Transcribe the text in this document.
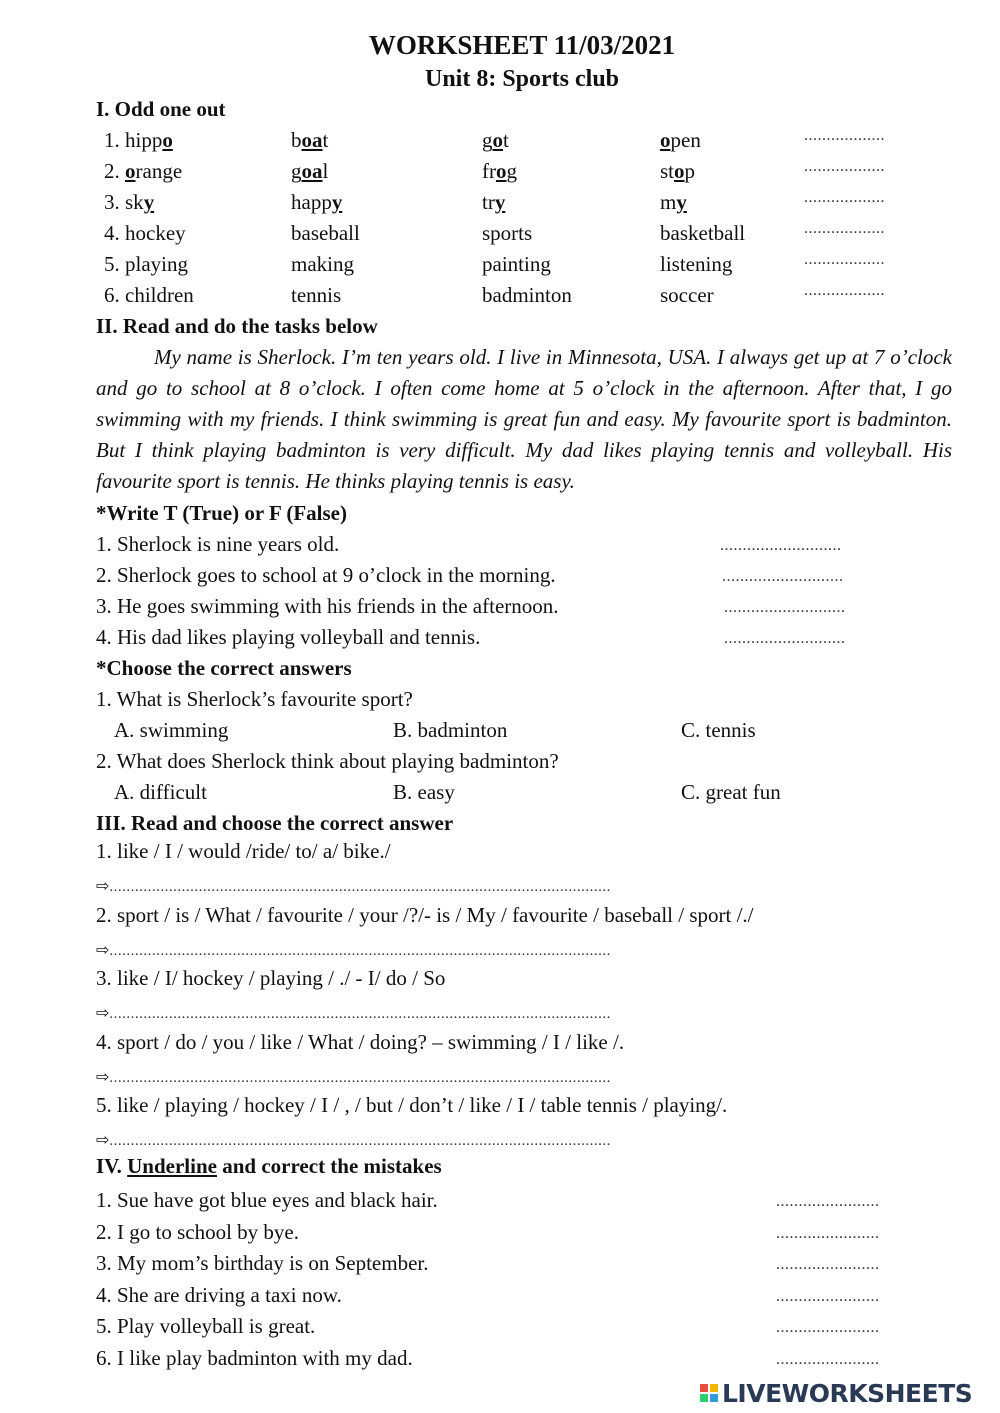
WORKSHEET 11/03/2021
Unit 8: Sports club
I. Odd one out
1. hippo	boat	got	open	..................
2. orange	goal	frog	stop	..................
3. sky	happy	try	my	..................
4. hockey	baseball	sports	basketball	..................
5. playing	making	painting	listening	..................
6. children	tennis	badminton	soccer	..................
II. Read and do the tasks below
My name is Sherlock. I’m ten years old. I live in Minnesota, USA. I always get up at 7 o’clock and go to school at 8 o’clock. I often come home at 5 o’clock in the afternoon. After that, I go swimming with my friends. I think swimming is great fun and easy. My favourite sport is badminton. But I think playing badminton is very difficult. My dad likes playing tennis and volleyball. His favourite sport is tennis. He thinks playing tennis is easy.
*Write T (True) or F (False)
1. Sherlock is nine years old.	...........................
2. Sherlock goes to school at 9 o’clock in the morning.	...........................
3. He goes swimming with his friends in the afternoon.	...........................
4. His dad likes playing volleyball and tennis.	...........................
*Choose the correct answers
1. What is Sherlock’s favourite sport?
A. swimming	B. badminton	C. tennis
2. What does Sherlock think about playing badminton?
A. difficult	B. easy	C. great fun
III. Read and choose the correct answer
1. like / I / would /ride/ to/ a/ bike./
⇨......................................................................................................................
2. sport / is / What / favourite / your /?/- is / My / favourite / baseball / sport /./
⇨......................................................................................................................
3. like / I/ hockey / playing / ./ - I/ do / So
⇨......................................................................................................................
4. sport / do / you / like / What / doing? – swimming / I / like /.
⇨......................................................................................................................
5. like / playing / hockey / I / , / but / don’t / like / I / table tennis / playing/.
⇨......................................................................................................................
IV. Underline and correct the mistakes
1. Sue have got blue eyes and black hair.	.......................
2. I go to school by bye.	.......................
3. My mom’s birthday is on September.	.......................
4. She are driving a taxi now.	.......................
5. Play volleyball is great.	.......................
6. I like play badminton with my dad.	.......................
LIVEWORKSHEETS
